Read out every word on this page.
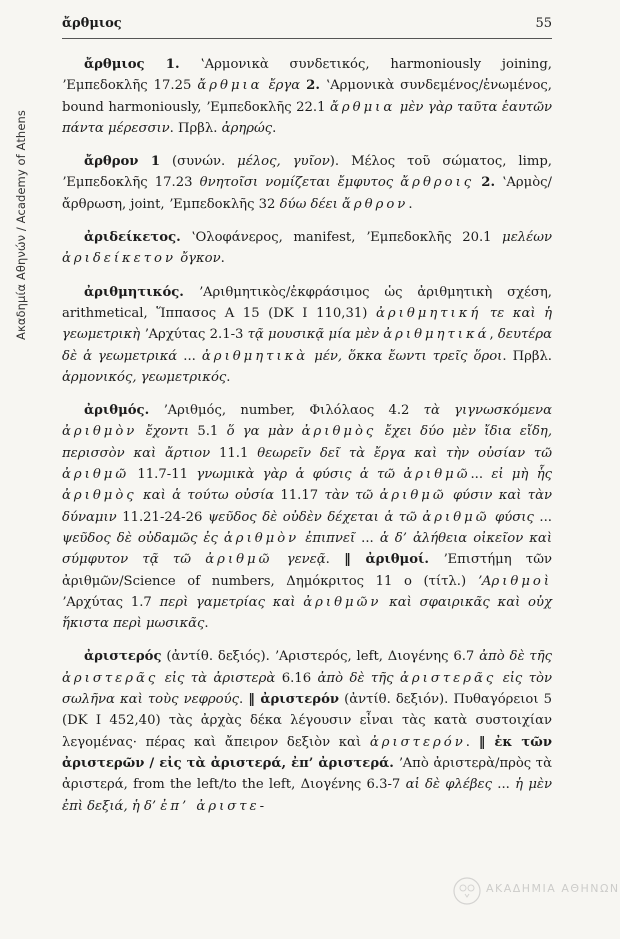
Ακαδημία Αθηνών / Academy of Athens
ἄρθμιος	55

ἄρθμιος 1. ʽΑρμονικὰ συνδετικός, harmoniously joining, ʼΕμπεδοκλῆς 17.25 ἄρθμια ἔργα 2. ʽΑρμονικὰ συνδεμένος/ἑνωμένος, bound harmoniously, ʼΕμπεδοκλῆς 22.1 ἄρθμια μὲν γὰρ ταῦτα ἑαυτῶν πάντα μέρεσσιν. Πρβλ. ἀρηρώς.

ἄρθρον 1 (συνών. μέλος, γυῖον). Μέλος τοῦ σώματος, limp, ʼΕμπεδοκλῆς 17.23 θνητοῖσι νομίζεται ἔμφυτος ἄρθροις 2. ʽΑρμὸς/ἄρθρωση, joint, ʼΕμπεδοκλῆς 32 δύω δέει ἄρθρον.

ἀριδείκετος. ʽΟλοφάνερος, manifest, ʼΕμπεδοκλῆς 20.1 μελέων ἀριδείκετον ὄγκον.

ἀριθμητικός. ʼΑριθμητικὸς/ἐκφράσιμος ὡς ἀριθμητικὴ σχέση, arithmetical, Ἵππασος Α 15 (DK I 110,31) ἀριθμητική τε καὶ ἡ γεωμετρικὴ ʼΑρχύτας 2.1-3 τᾷ μουσικᾷ μία μὲν ἀριθμητικά, δευτέρα δὲ ἁ γεωμετρικά ... ἀριθμητικὰ μέν, ὅκκα ἔωντι τρεῖς ὅροι. Πρβλ. ἁρμονικός, γεωμετρικός.

ἀριθμός. ʼΑριθμός, number, Φιλόλαος 4.2 τὰ γιγνωσκόμενα ἀριθμὸν ἔχοντι 5.1 ὅ γα μὰν ἀριθμὸς ἔχει δύο μὲν ἴδια εἴδη, περισσὸν καὶ ἄρτιον 11.1 θεωρεῖν δεῖ τὰ ἔργα καὶ τὴν οὐσίαν τῶ ἀριθμῶ 11.7-11 γνωμικὰ γὰρ ἁ φύσις ἁ τῶ ἀριθμῶ... εἰ μὴ ἧς ἀριθμὸς καὶ ἁ τούτω οὐσία 11.17 τὰν τῶ ἀριθμῶ φύσιν καὶ τὰν δύναμιν 11.21-24-26 ψεῦδος δὲ οὐδὲν δέχεται ἁ τῶ ἀριθμῶ φύσις ... ψεῦδος δὲ οὐδαμῶς ἐς ἀριθμὸν ἐπιπνεῖ ... ἁ δ’ ἀλήθεια οἰκεῖον καὶ σύμφυτον τᾷ τῶ ἀριθμῶ γενεᾷ. ‖ ἀριθμοί. ʼΕπιστήμη τῶν ἀριθμῶν/Science of numbers, Δημόκριτος 11 ο (τίτλ.) ʼΑριθμοὶ ʼΑρχύτας 1.7 περὶ γαμετρίας καὶ ἀριθμῶν καὶ σφαιρικᾶς καὶ οὐχ ἥκιστα περὶ μωσικᾶς.

ἀριστερός (ἀντίθ. δεξιός). ʼΑριστερός, left, Διογένης 6.7 ἀπὸ δὲ τῆς ἀριστερᾶς εἰς τὰ ἀριστερὰ 6.16 ἀπὸ δὲ τῆς ἀριστερᾶς εἰς τὸν σωλῆνα καὶ τοὺς νεφρούς. ‖ ἀριστερόν (ἀντίθ. δεξιόν). Πυθαγόρειοι 5 (DK I 452,40) τὰς ἀρχὰς δέκα λέγουσιν εἶναι τὰς κατὰ συστοιχίαν λεγομένας· πέρας καὶ ἄπειρον δεξιὸν καὶ ἀριστερόν. ‖ ἐκ τῶν ἀριστερῶν / εἰς τὰ ἀριστερά, ἐπ’ ἀριστερά. ʼΑπὸ ἀριστερὰ/πρὸς τὰ ἀριστερά, from the left/to the left, Διογένης 6.3-7 αἱ δὲ φλέβες ... ἡ μὲν ἐπὶ δεξιά, ἡ δ’ ἐπ’ ἀριστε-

ΑΚΑΔΗΜΙΑ ΑΘΗΝΩΝ
